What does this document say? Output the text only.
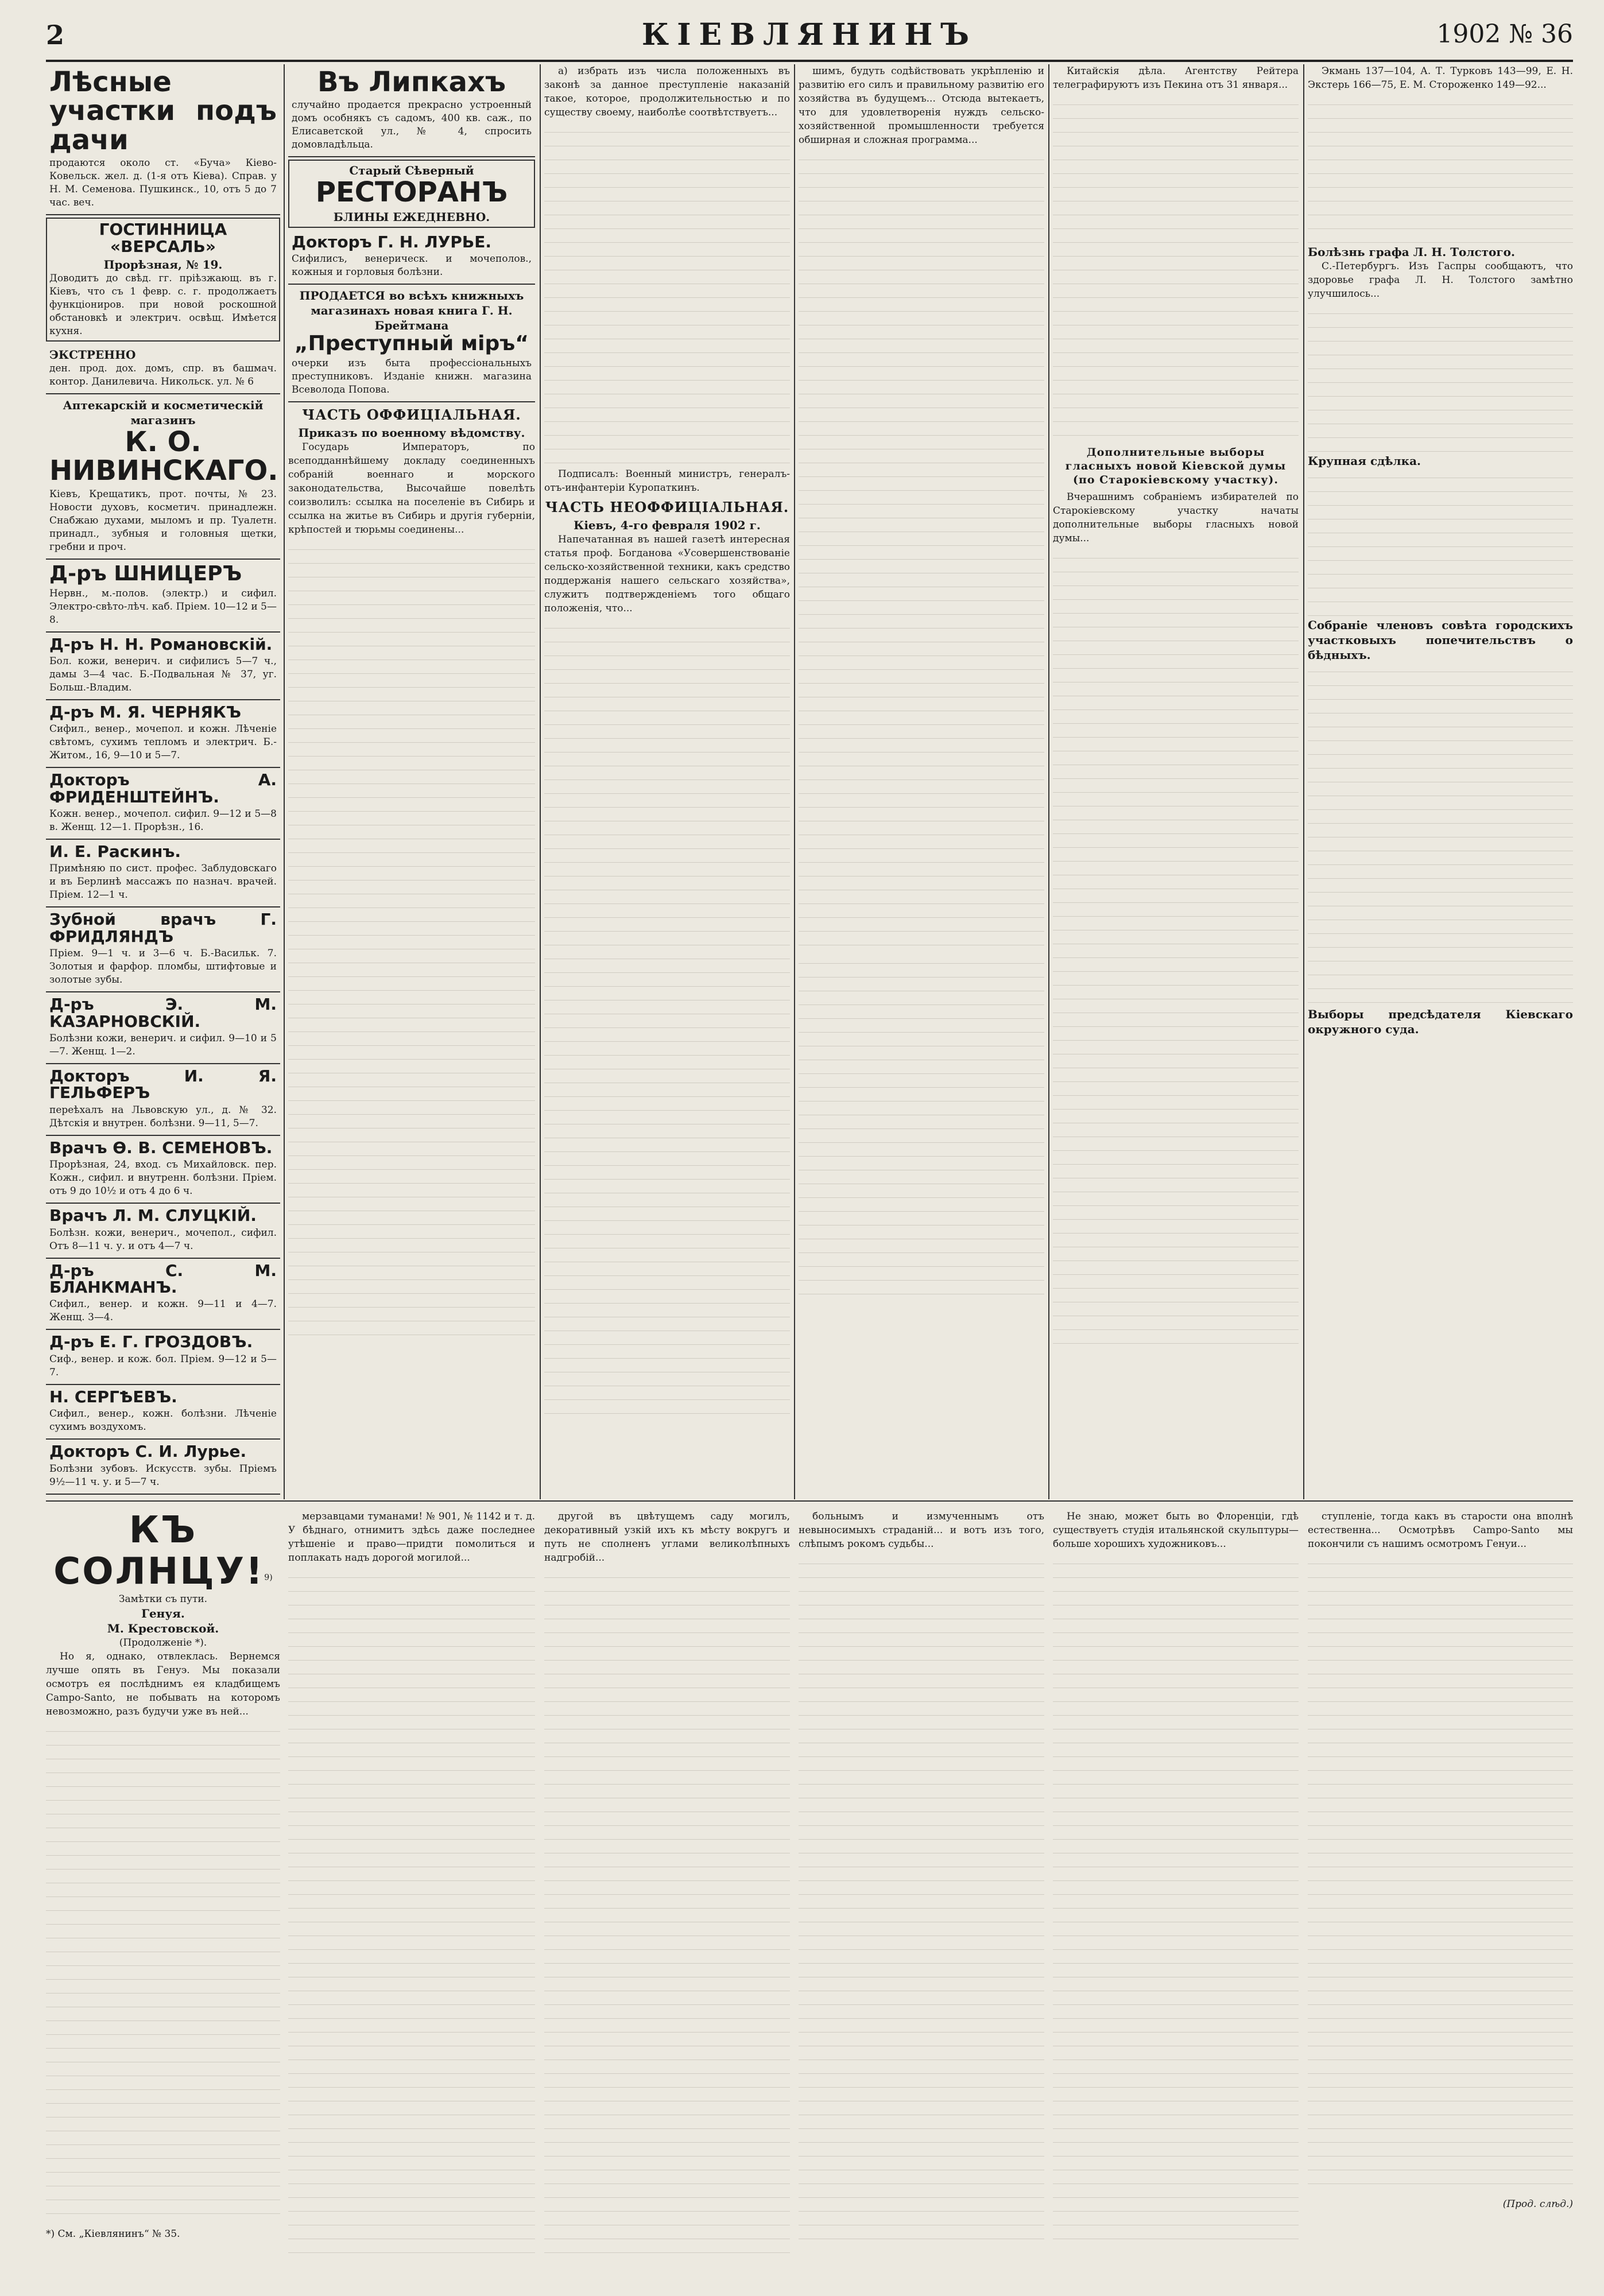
2	КІЕВЛЯНИНЪ	1902 № 36
Лѣсные участки подъ дачи
продаются около ст. «Буча» Кіево-Ковельск. жел. д. (1-я отъ Кіева). Справ. у Н. М. Семенова. Пушкинск., 10, отъ 5 до 7 час. веч.
ГОСТИННИЦА «ВЕРСАЛЬ»
Прорѣзная, № 19.
Доводитъ до свѣд. гг. пріѣзжающ. въ г. Кіевъ, что съ 1 февр. с. г. продолжаетъ функціониров. при новой роскошной обстановкѣ и электрич. освѣщ. Имѣется кухня.
ЭКСТРЕННО
ден. прод. дох. домъ, спр. въ башмач. контор. Данилевича. Никольск. ул. № 6
Аптекарскій и косметическій магазинъ
К. О. НИВИНСКАГО.
Кіевъ, Крещатикъ, прот. почты, № 23. Новости духовъ, косметич. принадлежн. Снабжаю духами, мыломъ и пр. Туалетн. принадл., зубныя и головныя щетки, гребни и проч.
Д-ръ ШНИЦЕРЪ
Нервн., м.-полов. (электр.) и сифил. Электро-свѣто-лѣч. каб. Пріем. 10—12 и 5—8.
Д-ръ Н. Н. Романовскій.
Бол. кожи, венерич. и сифилисъ 5—7 ч., дамы 3—4 час. Б.-Подвальная № 37, уг. Больш.-Владим.
Д-ръ М. Я. ЧЕРНЯКЪ
Сифил., венер., мочепол. и кожн. Лѣченіе свѣтомъ, сухимъ тепломъ и электрич. Б.-Житом., 16, 9—10 и 5—7.
Докторъ А. ФРИДЕНШТЕЙНЪ.
Кожн. венер., мочепол. сифил. 9—12 и 5—8 в. Женщ. 12—1. Прорѣзн., 16.
И. Е. Раскинъ.
Примѣняю по сист. профес. Заблудовскаго и въ Берлинѣ массажъ по назнач. врачей. Пріем. 12—1 ч.
Зубной врачъ Г. ФРИДЛЯНДЪ
Пріем. 9—1 ч. и 3—6 ч. Б.-Васильк. 7. Золотыя и фарфор. пломбы, штифтовые и золотые зубы.
Д-ръ Э. М. КАЗАРНОВСКІЙ.
Болѣзни кожи, венерич. и сифил. 9—10 и 5—7. Женщ. 1—2.
Докторъ И. Я. ГЕЛЬФЕРЪ
переѣхалъ на Львовскую ул., д. № 32. Дѣтскія и внутрен. болѣзни. 9—11, 5—7.
Врачъ Ѳ. В. СЕМЕНОВЪ.
Прорѣзная, 24, вход. съ Михайловск. пер. Кожн., сифил. и внутренн. болѣзни. Пріем. отъ 9 до 10½ и отъ 4 до 6 ч.
Врачъ Л. М. СЛУЦКІЙ.
Болѣзн. кожи, венерич., мочепол., сифил. Отъ 8—11 ч. у. и отъ 4—7 ч.
Д-ръ С. М. БЛАНКМАНЪ.
Сифил., венер. и кожн. 9—11 и 4—7. Женщ. 3—4.
Д-ръ Е. Г. ГРОЗДОВЪ.
Сиф., венер. и кож. бол. Пріем. 9—12 и 5—7.
Н. СЕРГѢЕВЪ.
Сифил., венер., кожн. болѣзни. Лѣченіе сухимъ воздухомъ.
Докторъ С. И. Лурье.
Болѣзни зубовъ. Искусств. зубы. Пріемъ 9½—11 ч. у. и 5—7 ч.
Въ Липкахъ
случайно продается прекрасно устроенный домъ особнякъ съ садомъ, 400 кв. саж., по Елисаветской ул., № 4, спросить домовладѣльца.
Старый Сѣверный
РЕСТОРАНЪ
БЛИНЫ ЕЖЕДНЕВНО.
Докторъ Г. Н. ЛУРЬЕ.
Сифилисъ, венерическ. и мочеполов., кожныя и горловыя болѣзни.
ПРОДАЕТСЯ во всѣхъ книжныхъ магазинахъ новая книга Г. Н. Брейтмана
„Преступный міръ“
очерки изъ быта профессіональныхъ преступниковъ. Изданіе книжн. магазина Всеволода Попова.
ЧАСТЬ ОФФИЦІАЛЬНАЯ.
Приказъ по военному вѣдомству.

Государь Императоръ, по всеподданнѣйшему докладу соединенныхъ собраній военнаго и морского законодательства, Высочайше повелѣть соизволилъ: ссылка на поселеніе въ Сибирь и ссылка на житье въ Сибирь и другія губерніи, крѣпостей и тюрьмы соединены...

а) избрать изъ числа положенныхъ въ законѣ за данное преступленіе наказаній такое, которое, продолжительностью и по существу своему, наиболѣе соотвѣтствуетъ...

Подписалъ: Военный министръ, генералъ-отъ-инфантеріи Куропаткинъ.

ЧАСТЬ НЕОФФИЦІАЛЬНАЯ.
Кіевъ, 4-го февраля 1902 г.

Напечатанная въ нашей газетѣ интересная статья проф. Богданова «Усовершенствованіе сельско-хозяйственной техники, какъ средство поддержанія нашего сельскаго хозяйства», служитъ подтвержденіемъ того общаго положенія, что...

шимъ, будуть содѣйствовать укрѣпленію и развитію его силъ и правильному развитію его хозяйства въ будущемъ... Отсюда вытекаетъ, что для удовлетворенія нуждъ сельско-хозяйственной промышленности требуется обширная и сложная программа...

Китайскія дѣла. Агентству Рейтера телеграфируютъ изъ Пекина отъ 31 января...

Дополнительные выборы гласныхъ новой Кіевской думы (по Старокіевскому участку).

Вчерашнимъ собраніемъ избирателей по Старокіевскому участку начаты дополнительные выборы гласныхъ новой думы...

Экмань 137—104, А. Т. Турковъ 143—99, Е. Н. Экстерь 166—75, Е. М. Стороженко 149—92...

Болѣзнь графа Л. Н. Толстого.

С.-Петербургъ. Изъ Гаспры сообщаютъ, что здоровье графа Л. Н. Толстого замѣтно улучшилось...

Крупная сдѣлка.
Собраніе членовъ совѣта городскихъ участковыхъ попечительствъ о бѣдныхъ.
Выборы предсѣдателя Кіевскаго окружного суда.
КЪ СОЛНЦУ!$^{9)}$
Замѣтки съ пути.
Генуя.
М. Крестовской.
(Продолженіе *).

Но я, однако, отвлеклась. Вернемся лучше опять въ Генуэ. Мы показали осмотръ ея послѣднимъ ея кладбищемъ Campo-Santo, не побывать на которомъ невозможно, разъ будучи уже въ ней...

*) См. „Кіевлянинъ“ № 35.

мерзавцами туманами! № 901, № 1142 и т. д. У бѣднаго, отнимитъ здѣсь даже последнее утѣшеніе и право—придти помолиться и поплакать надъ дорогой могилой...

другой въ цвѣтущемъ саду могилъ, декоративный узкій ихъ къ мѣсту вокругъ и путь не сполненъ углами великолѣпныхъ надгробій...

больнымъ и измученнымъ отъ невыносимыхъ страданій... и вотъ изъ того, слѣпымъ рокомъ судьбы...

Не знаю, может быть во Флоренціи, гдѣ существуетъ студія итальянской скульптуры—больше хорошихъ художниковъ...

ступленіе, тогда какъ въ старости она вполнѣ естественна... Осмотрѣвъ Campo-Santo мы покончили съ нашимъ осмотромъ Генуи...

(Прод. слѣд.)
